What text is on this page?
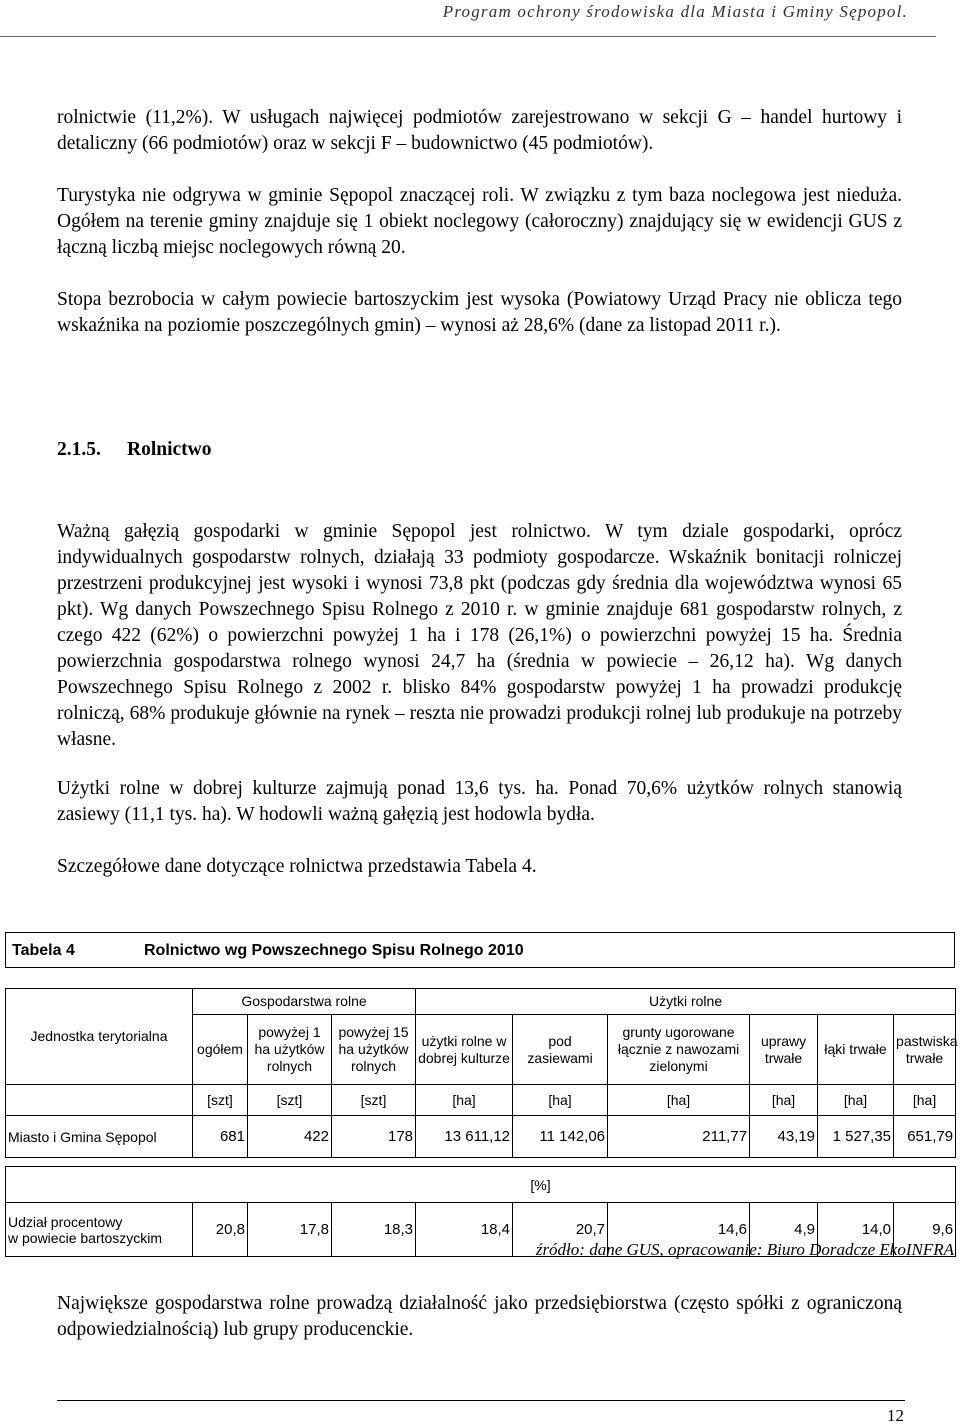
Program ochrony środowiska dla Miasta i Gminy Sępopol.

rolnictwie (11,2%). W usługach najwięcej podmiotów zarejestrowano w sekcji G – handel hurtowy i detaliczny (66 podmiotów) oraz w sekcji F – budownictwo (45 podmiotów).

Turystyka nie odgrywa w gminie Sępopol znaczącej roli. W związku z tym baza noclegowa jest nieduża. Ogółem na terenie gminy znajduje się 1 obiekt noclegowy (całoroczny) znajdujący się w ewidencji GUS z łączną liczbą miejsc noclegowych równą 20.

Stopa bezrobocia w całym powiecie bartoszyckim jest wysoka (Powiatowy Urząd Pracy nie oblicza tego wskaźnika na poziomie poszczególnych gmin) – wynosi aż 28,6% (dane za listopad 2011 r.).

2.1.5. Rolnictwo

Ważną gałęzią gospodarki w gminie Sępopol jest rolnictwo. W tym dziale gospodarki, oprócz indywidualnych gospodarstw rolnych, działają 33 podmioty gospodarcze. Wskaźnik bonitacji rolniczej przestrzeni produkcyjnej jest wysoki i wynosi 73,8 pkt (podczas gdy średnia dla województwa wynosi 65 pkt). Wg danych Powszechnego Spisu Rolnego z 2010 r. w gminie znajduje 681 gospodarstw rolnych, z czego 422 (62%) o powierzchni powyżej 1 ha i 178 (26,1%) o powierzchni powyżej 15 ha. Średnia powierzchnia gospodarstwa rolnego wynosi 24,7 ha (średnia w powiecie – 26,12 ha). Wg danych Powszechnego Spisu Rolnego z 2002 r. blisko 84% gospodarstw powyżej 1 ha prowadzi produkcję rolniczą, 68% produkuje głównie na rynek – reszta nie prowadzi produkcji rolnej lub produkuje na potrzeby własne.

Użytki rolne w dobrej kulturze zajmują ponad 13,6 tys. ha. Ponad 70,6% użytków rolnych stanowią zasiewy (11,1 tys. ha). W hodowli ważną gałęzią jest hodowla bydła.

Szczegółowe dane dotyczące rolnictwa przedstawia Tabela 4.

Tabela 4	Rolnictwo wg Powszechnego Spisu Rolnego 2010
Jednostka terytorialna	Gospodarstwa rolne			Użytki rolne					
	ogółem	powyżej 1 ha użytków rolnych	powyżej 15 ha użytków rolnych	użytki rolne w dobrej kulturze	pod zasiewami	grunty ugorowane łącznie z nawozami zielonymi	uprawy trwałe	łąki trwałe	pastwiska trwałe
	[szt]	[szt]	[szt]	[ha]	[ha]	[ha]	[ha]	[ha]	[ha]
Miasto i Gmina Sępopol	681	422	178	13 611,12	11 142,06	211,77	43,19	1 527,35	651,79

			[%]						
Udział procentowy
w powiecie bartoszyckim	20,8	17,8	18,3	18,4	20,7	14,6	4,9	14,0	9,6
źródło: dane GUS, opracowanie: Biuro Doradcze EkoINFRA

Największe gospodarstwa rolne prowadzą działalność jako przedsiębiorstwa (często spółki z ograniczoną odpowiedzialnością) lub grupy producenckie.

12
